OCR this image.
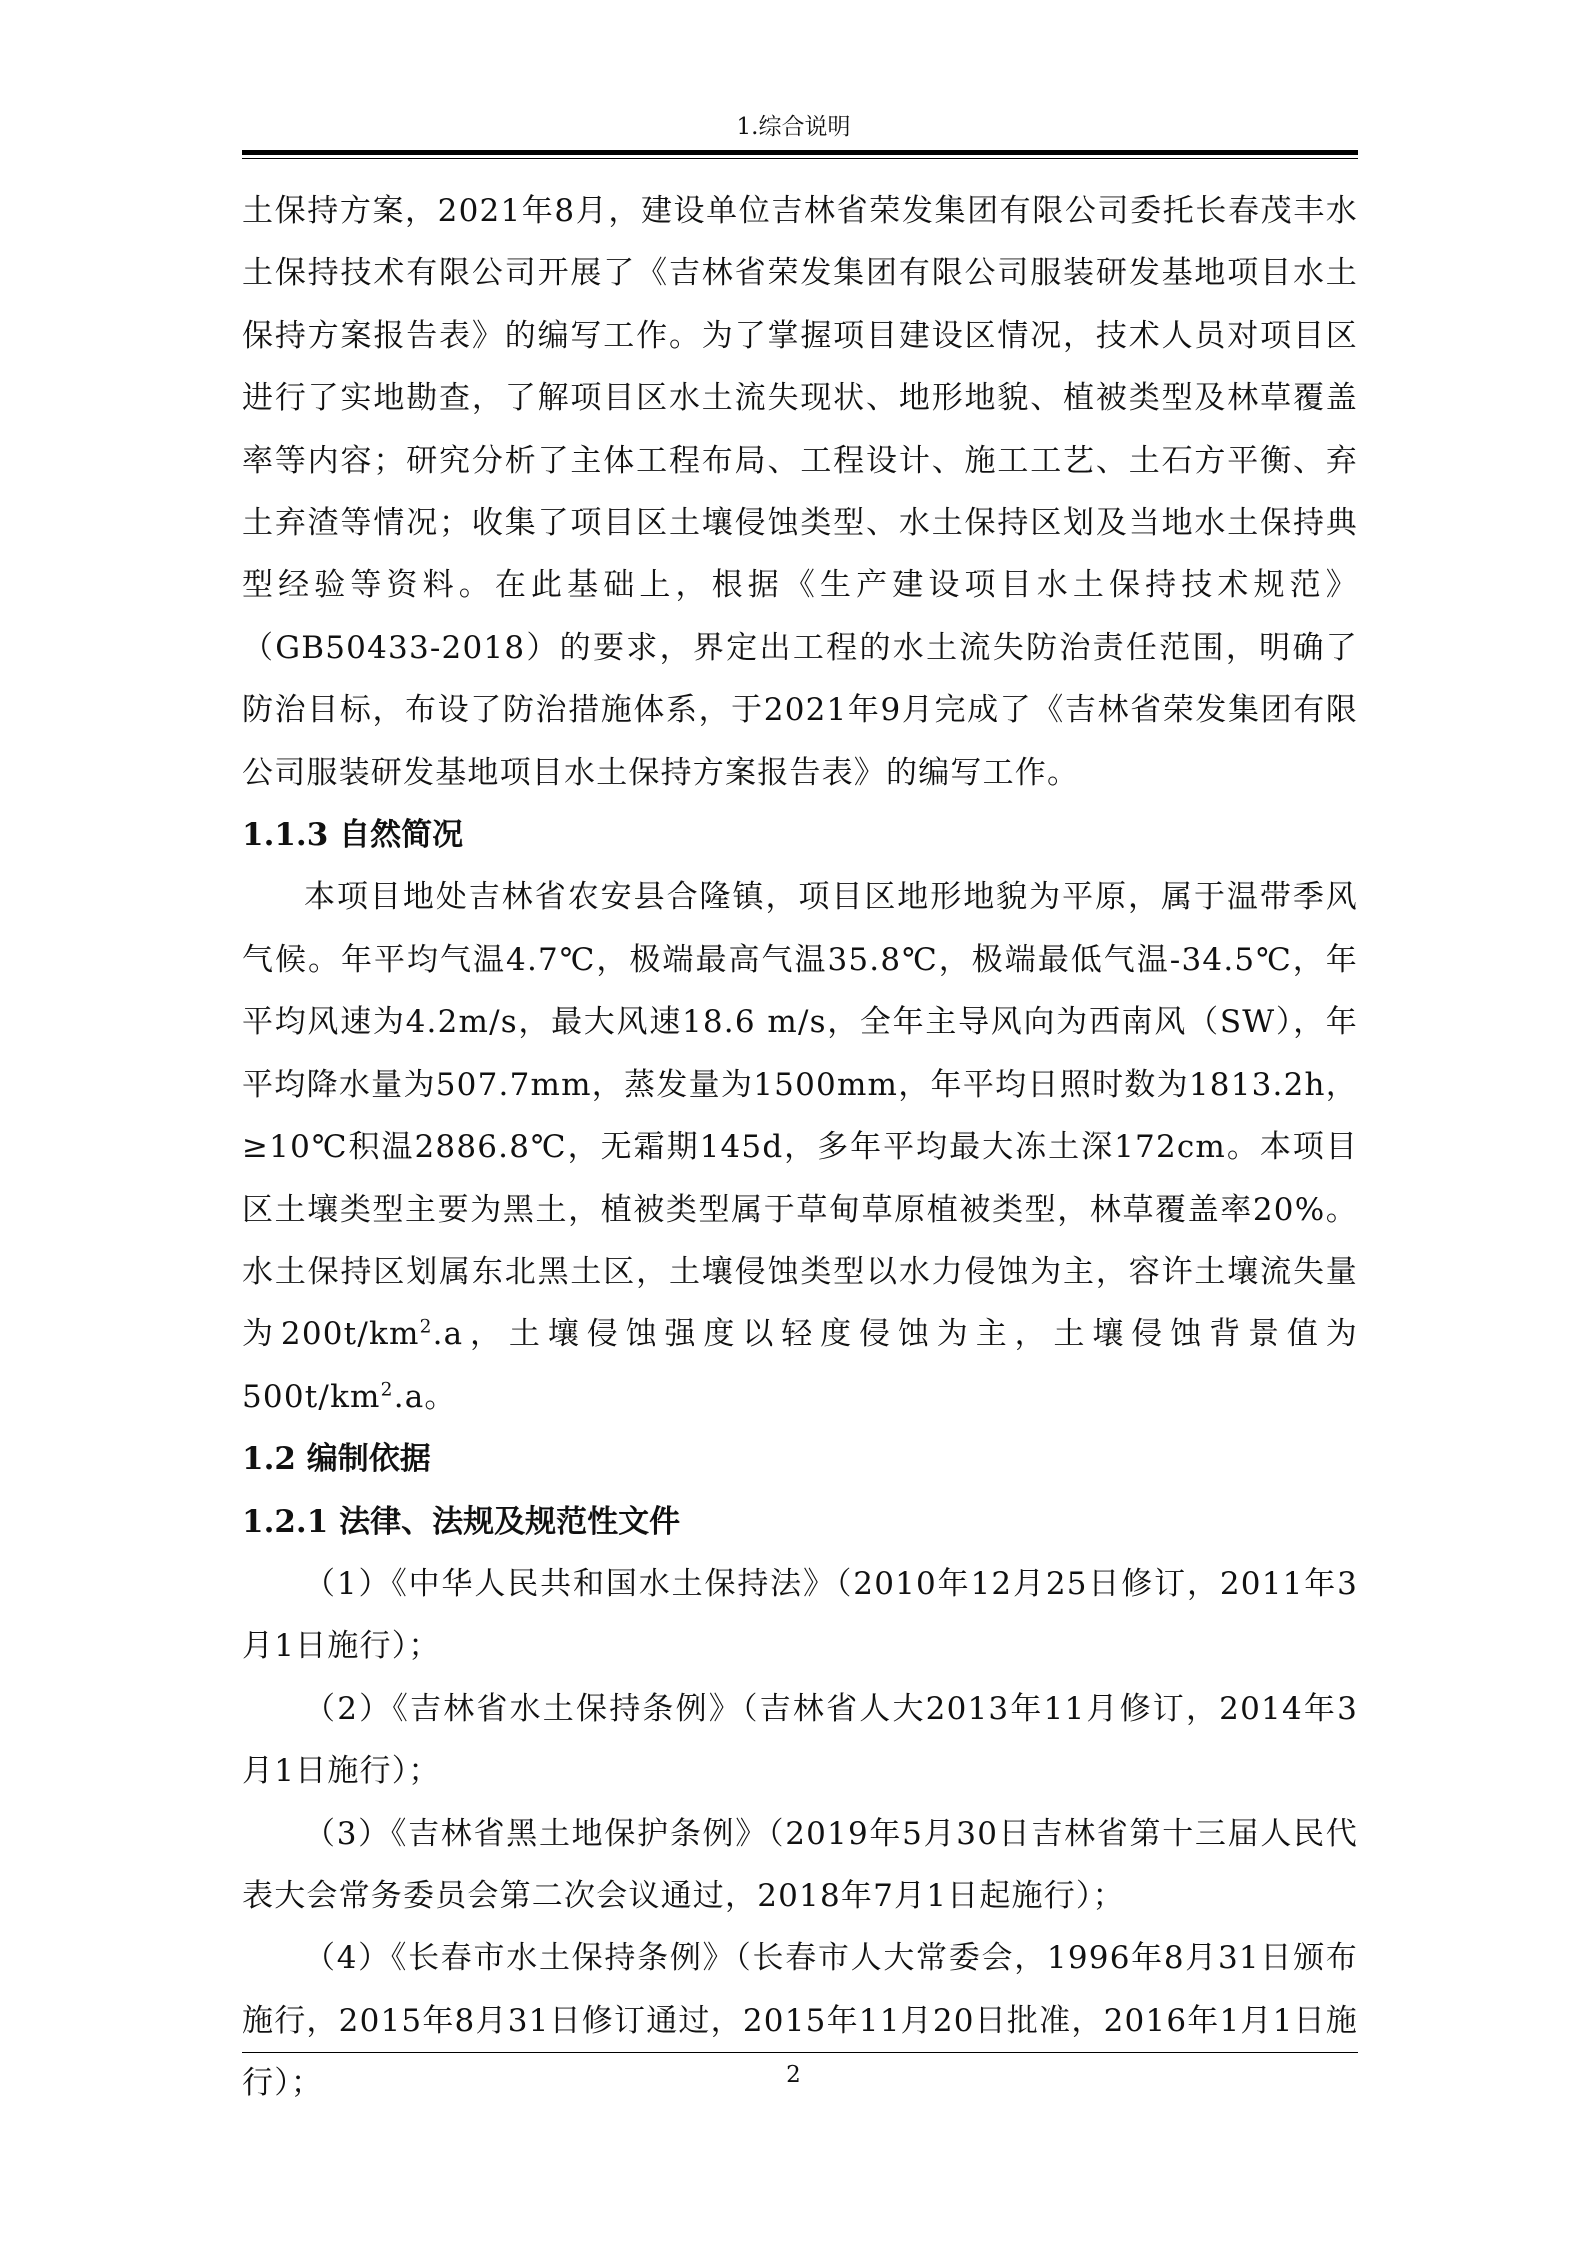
1.综合说明

土保持方案，2021年8月，建设单位吉林省荣发集团有限公司委托长春茂丰水土保持技术有限公司开展了《吉林省荣发集团有限公司服装研发基地项目水土保持方案报告表》的编写工作。为了掌握项目建设区情况，技术人员对项目区进行了实地勘查，了解项目区水土流失现状、地形地貌、植被类型及林草覆盖率等内容；研究分析了主体工程布局、工程设计、施工工艺、土石方平衡、弃土弃渣等情况；收集了项目区土壤侵蚀类型、水土保持区划及当地水土保持典型经验等资料。在此基础上，根据《生产建设项目水土保持技术规范》（GB50433-2018）的要求，界定出工程的水土流失防治责任范围，明确了防治目标，布设了防治措施体系，于2021年9月完成了《吉林省荣发集团有限公司服装研发基地项目水土保持方案报告表》的编写工作。

1.1.3 自然简况

本项目地处吉林省农安县合隆镇，项目区地形地貌为平原，属于温带季风气候。年平均气温4.7℃，极端最高气温35.8℃，极端最低气温-34.5℃，年平均风速为4.2m/s，最大风速18.6 m/s，全年主导风向为西南风（SW），年平均降水量为507.7mm，蒸发量为1500mm，年平均日照时数为1813.2h，≥10℃积温2886.8℃，无霜期145d，多年平均最大冻土深172cm。本项目区土壤类型主要为黑土，植被类型属于草甸草原植被类型，林草覆盖率20%。水土保持区划属东北黑土区，土壤侵蚀类型以水力侵蚀为主，容许土壤流失量为$200t/km^2.a$，土壤侵蚀强度以轻度侵蚀为主，土壤侵蚀背景值为$500t/km^2.a$。

1.2 编制依据

1.2.1 法律、法规及规范性文件

（1）《中华人民共和国水土保持法》（2010年12月25日修订，2011年3月1日施行）；

（2）《吉林省水土保持条例》（吉林省人大2013年11月修订，2014年3月1日施行）；

（3）《吉林省黑土地保护条例》（2019年5月30日吉林省第十三届人民代表大会常务委员会第二次会议通过，2018年7月1日起施行）；

（4）《长春市水土保持条例》（长春市人大常委会，1996年8月31日颁布施行，2015年8月31日修订通过，2015年11月20日批准，2016年1月1日施行）；	2
